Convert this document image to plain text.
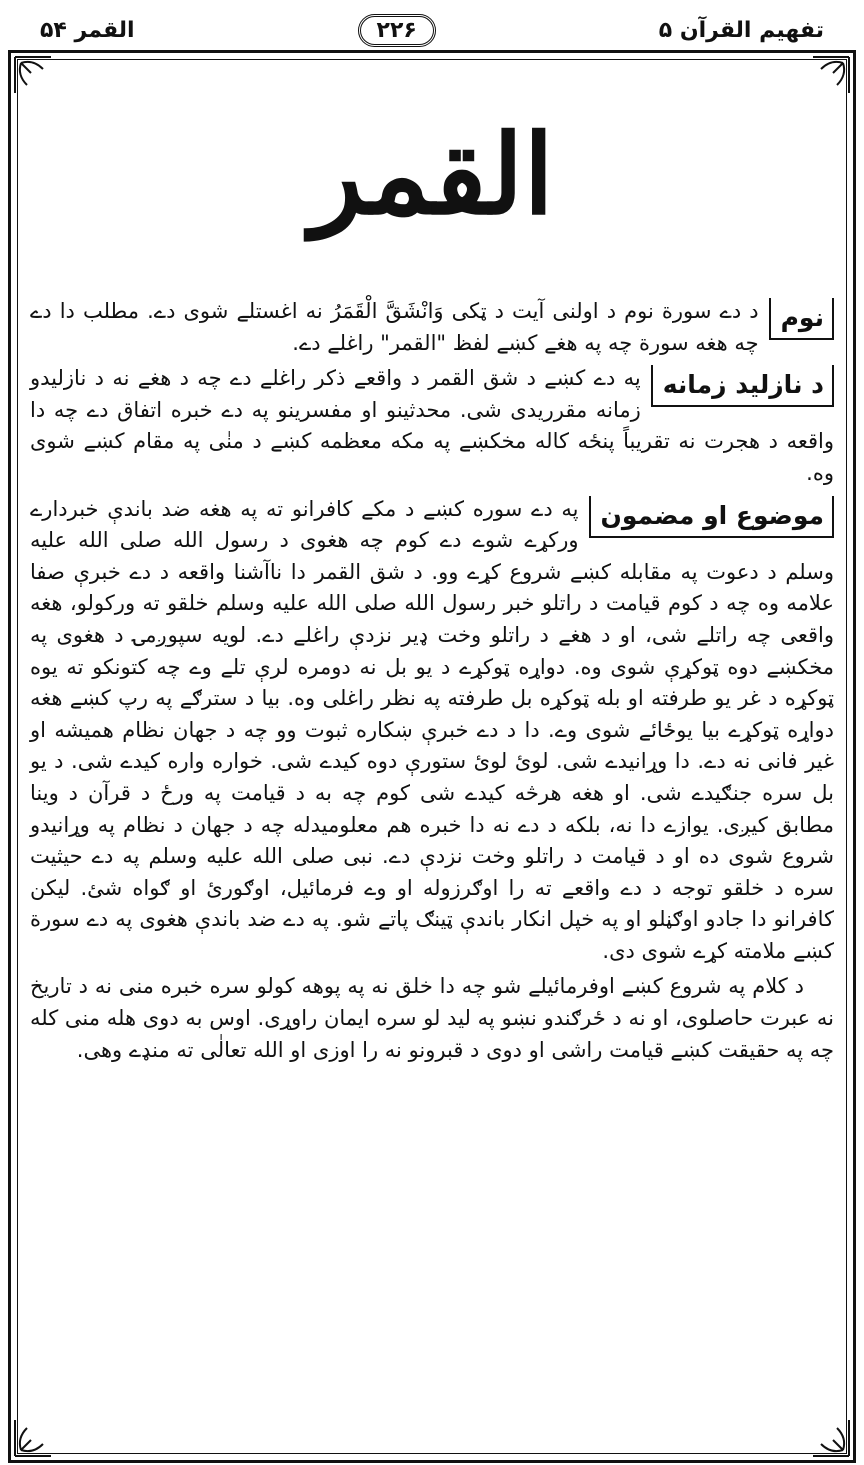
القمر ۵۴	۲۲۶	تفهیم القرآن ۵
القمر
نوم
د دے سورة نوم د اولنی آیت د ټکی وَانْشَقَّ الْقَمَرُ نه اغستلے شوی دے. مطلب دا دے چه هغه سورة چه په هغے کښے لفظ "القمر" راغلے دے.
د نازلید زمانه
په دے کښے د شق القمر د واقعے ذکر راغلے دے چه د هغے نه د نازلیدو زمانه مقرریدی شی. محدثینو او مفسرینو په دے خبره اتفاق دے چه دا واقعه د هجرت نه تقریباً پنځه کاله مخکښے په مکه معظمه کښے د منٰی په مقام کښے شوی وه.
موضوع او مضمون
په دے سوره کښے د مکے کافرانو ته په هغه ضد باندې خبردارے ورکړے شوے دے کوم چه هغوی د رسول الله صلی الله علیه وسلم د دعوت په مقابله کښے شروع کړے وو. د شق القمر دا ناآشنا واقعه د دے خبرې صفا علامه وه چه د کوم قیامت د راتلو خبر رسول الله صلی الله علیه وسلم خلقو ته ورکولو، هغه واقعی چه راتلے شی، او د هغے د راتلو وخت ډیر نزدې راغلے دے. لویه سپوږمۍ د هغوی په مخکښے دوه ټوکړې شوی وه. دواړه ټوکړے د یو بل نه دومره لرې تلے وے چه کتونکو ته یوه ټوکړه د غر یو طرفته او بله ټوکړه بل طرفته په نظر راغلی وه. بیا د سترګے په رپ کښے هغه دواړه ټوکړے بیا یوځائے شوی وے. دا د دے خبرې ښکاره ثبوت وو چه د جهان نظام همیشه او غیر فانی نه دے. دا وړانیدے شی. لوئ لوئ ستورې دوه کیدے شی. خواره واره کیدے شی. د یو بل سره جنګیدے شی. او هغه هرڅه کیدے شی کوم چه به د قیامت په ورځ د قرآن د وینا مطابق کیږی. یوازے دا نه، بلکه د دے نه دا خبره هم معلومیدله چه د جهان د نظام په وړانیدو شروع شوی ده او د قیامت د راتلو وخت نزدې دے. نبی صلی الله علیه وسلم په دے حیثیت سره د خلقو توجه د دے واقعے ته را اوګرزوله او وے فرمائیل، اوګورئ او ګواه شئ. لیکن کافرانو دا جادو اوګڼلو او په خپل انکار باندې ټینګ پاتے شو. په دے ضد باندې هغوی په دے سورة کښے ملامته کړے شوی دی.

د کلام په شروع کښے اوفرمائیلے شو چه دا خلق نه په پوهه کولو سره خبره منی نه د تاریخ نه عبرت حاصلوی، او نه د ځرګندو نښو په لید لو سره ایمان راوړی. اوس به دوی هله منی کله چه په حقیقت کښے قیامت راشی او دوی د قبرونو نه را اوزی او الله تعالٰی ته منډے وهی.
